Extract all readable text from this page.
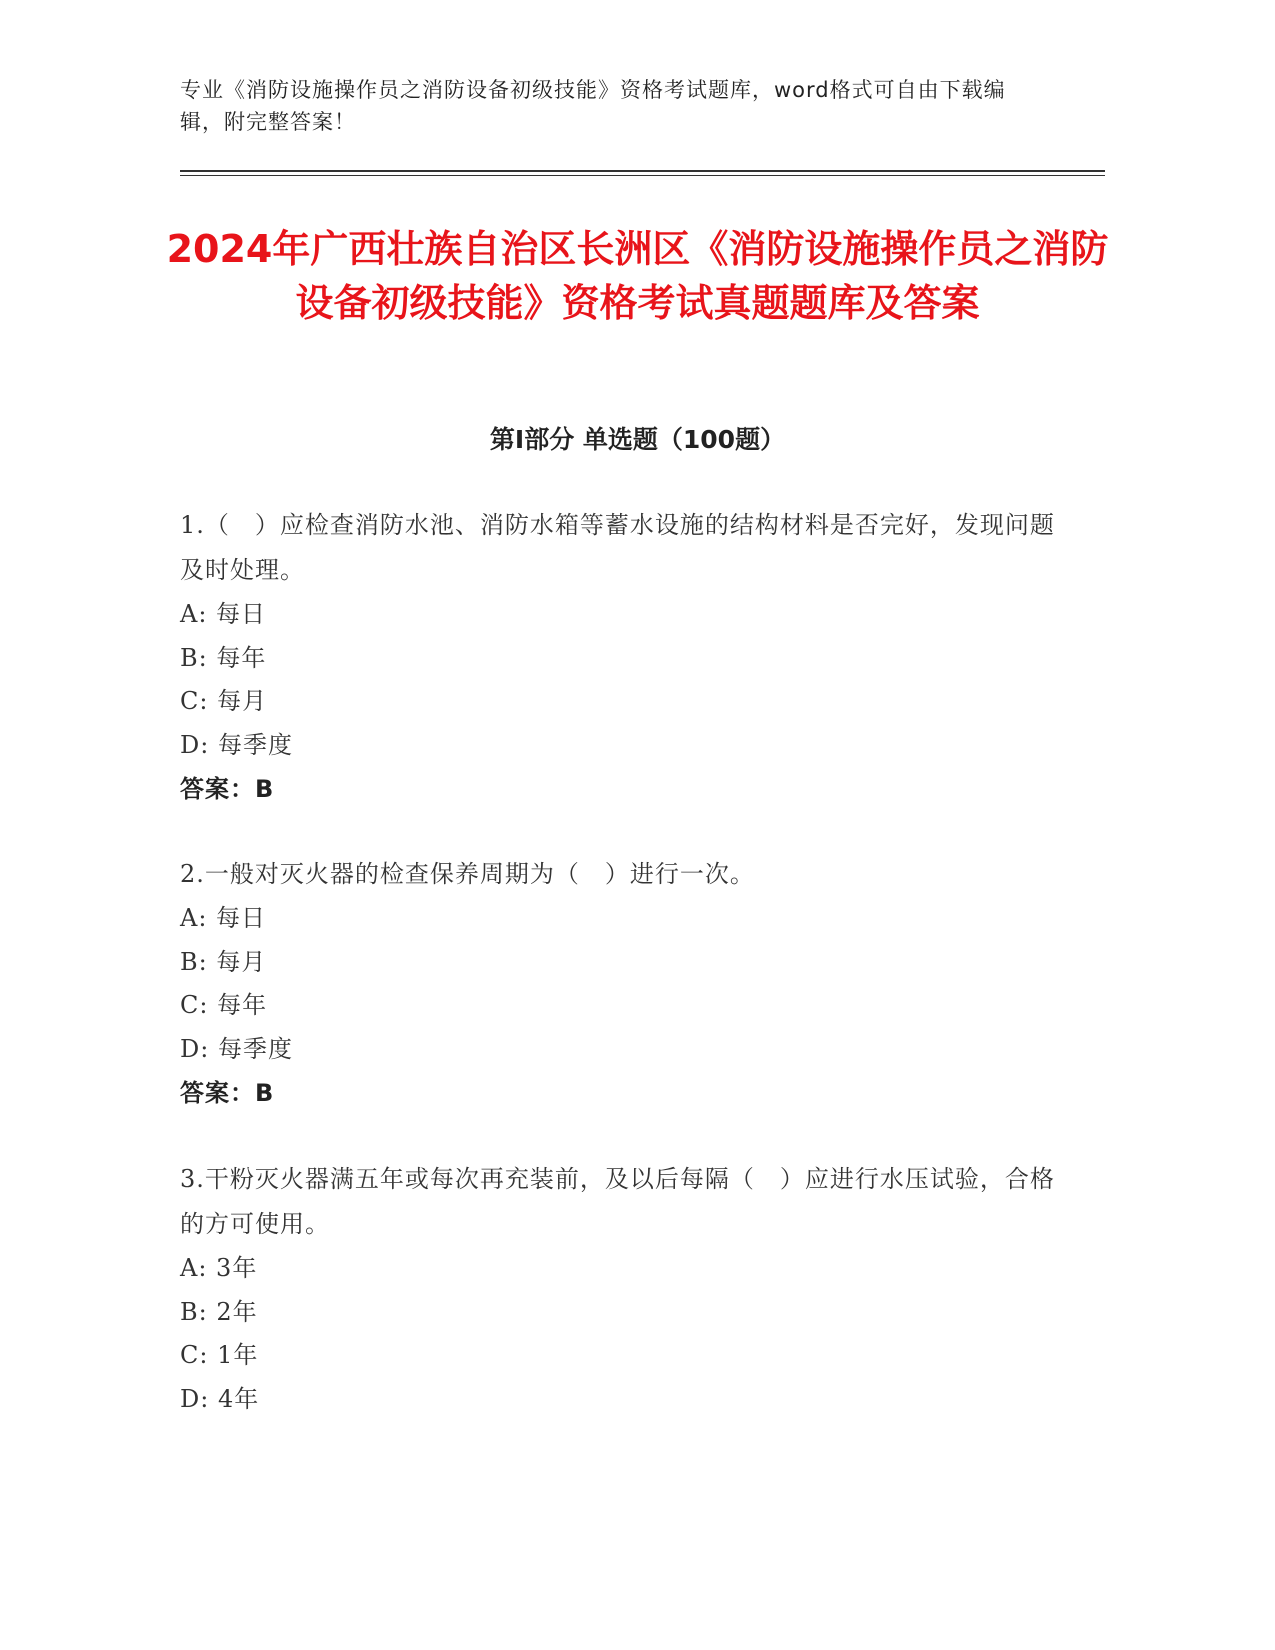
专业《消防设施操作员之消防设备初级技能》资格考试题库，word格式可自由下载编辑，附完整答案！
2024年广西壮族自治区长洲区《消防设施操作员之消防设备初级技能》资格考试真题题库及答案
第I部分 单选题（100题）
1.（　）应检查消防水池、消防水箱等蓄水设施的结构材料是否完好，发现问题及时处理。
A: 每日
B: 每年
C: 每月
D: 每季度
答案：B
2.一般对灭火器的检查保养周期为（　）进行一次。
A: 每日
B: 每月
C: 每年
D: 每季度
答案：B
3.干粉灭火器满五年或每次再充装前，及以后每隔（　）应进行水压试验，合格的方可使用。
A: 3年
B: 2年
C: 1年
D: 4年
